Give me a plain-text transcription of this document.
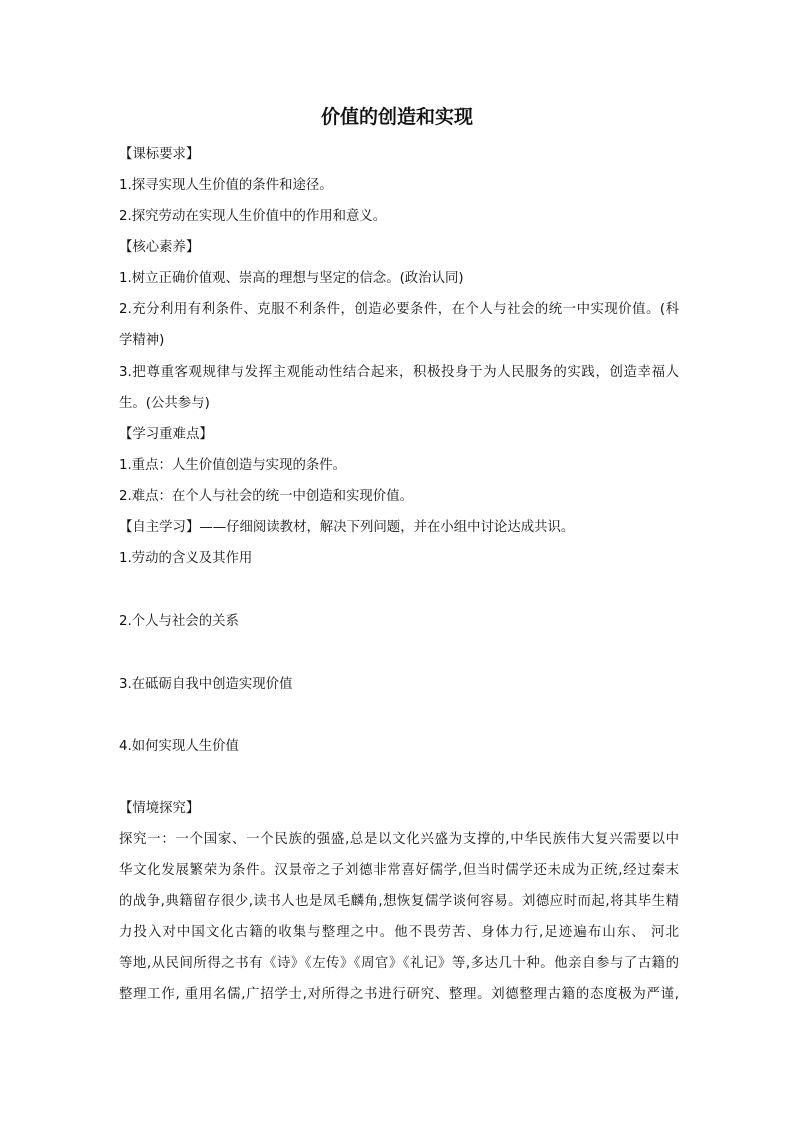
价值的创造和实现
【课标要求】
1.探寻实现人生价值的条件和途径。
2.探究劳动在实现人生价值中的作用和意义。
【核心素养】
1.树立正确价值观、崇高的理想与坚定的信念。(政治认同)
2.充分利用有利条件、克服不利条件，创造必要条件，在个人与社会的统一中实现价值。(科
学精神)
3.把尊重客观规律与发挥主观能动性结合起来，积极投身于为人民服务的实践，创造幸福人
生。(公共参与)
【学习重难点】
1.重点：人生价值创造与实现的条件。
2.难点：在个人与社会的统一中创造和实现价值。
【自主学习】——仔细阅读教材，解决下列问题，并在小组中讨论达成共识。
1.劳动的含义及其作用
2.个人与社会的关系
3.在砥砺自我中创造实现价值
4.如何实现人生价值
【情境探究】
探究一：一个国家、一个民族的强盛,总是以文化兴盛为支撑的,中华民族伟大复兴需要以中
华文化发展繁荣为条件。汉景帝之子刘德非常喜好儒学,但当时儒学还未成为正统,经过秦末
的战争,典籍留存很少,读书人也是凤毛麟角,想恢复儒学谈何容易。刘德应时而起,将其毕生精
力投入对中国文化古籍的收集与整理之中。他不畏劳苦、身体力行,足迹遍布山东、 河北
等地,从民间所得之书有《诗》《左传》《周官》《礼记》等,多达几十种。他亲自参与了古籍的
整理工作, 重用名儒,广招学士,对所得之书进行研究、整理。刘德整理古籍的态度极为严谨,
